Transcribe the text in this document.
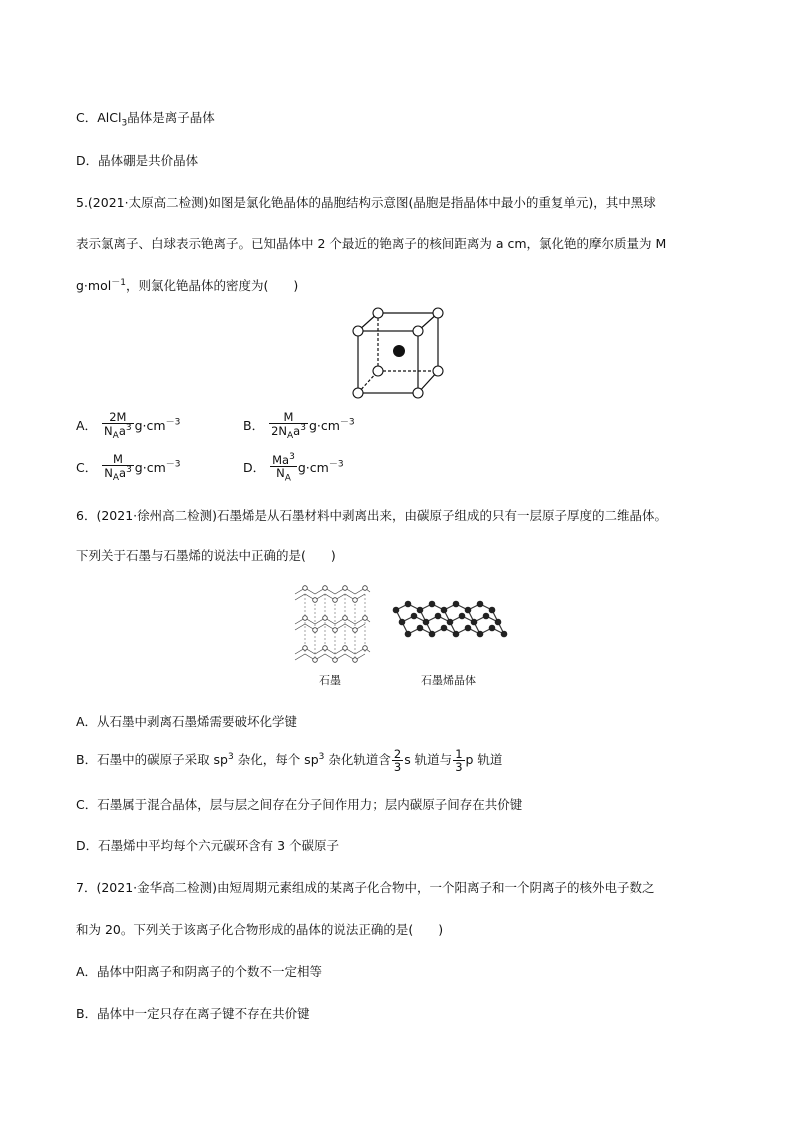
C．AlCl$_3$晶体是离子晶体
D．晶体硼是共价晶体
5.(2021·太原高二检测)如图是氯化铯晶体的晶胞结构示意图(晶胞是指晶体中最小的重复单元)，其中黑球
表示氯离子、白球表示铯离子。已知晶体中 2 个最近的铯离子的核间距离为 a cm，氯化铯的摩尔质量为 M
g·mol$^{-1}$，则氯化铯晶体的密度为(　　)
A． $\frac{2M}{N_Aa^3} g\cdot cm^{-3}$	B． $\frac{M}{2N_Aa^3} g\cdot cm^{-3}$
C． $\frac{M}{N_Aa^3} g\cdot cm^{-3}$	D． $\frac{Ma^3}{N_A} g\cdot cm^{-3}$
6．(2021·徐州高二检测)石墨烯是从石墨材料中剥离出来，由碳原子组成的只有一层原子厚度的二维晶体。
下列关于石墨与石墨烯的说法中正确的是(　　)
石墨	石墨烯晶体
A．从石墨中剥离石墨烯需要破坏化学键
B．石墨中的碳原子采取 $sp^3$ 杂化，每个 $sp^3$ 杂化轨道含 $\frac{2}{3}$ s 轨道与 $\frac{1}{3}$ p 轨道
C．石墨属于混合晶体，层与层之间存在分子间作用力；层内碳原子间存在共价键
D．石墨烯中平均每个六元碳环含有 3 个碳原子
7．(2021·金华高二检测)由短周期元素组成的某离子化合物中，一个阳离子和一个阴离子的核外电子数之
和为 20。下列关于该离子化合物形成的晶体的说法正确的是(　　)
A．晶体中阳离子和阴离子的个数不一定相等
B．晶体中一定只存在离子键不存在共价键
